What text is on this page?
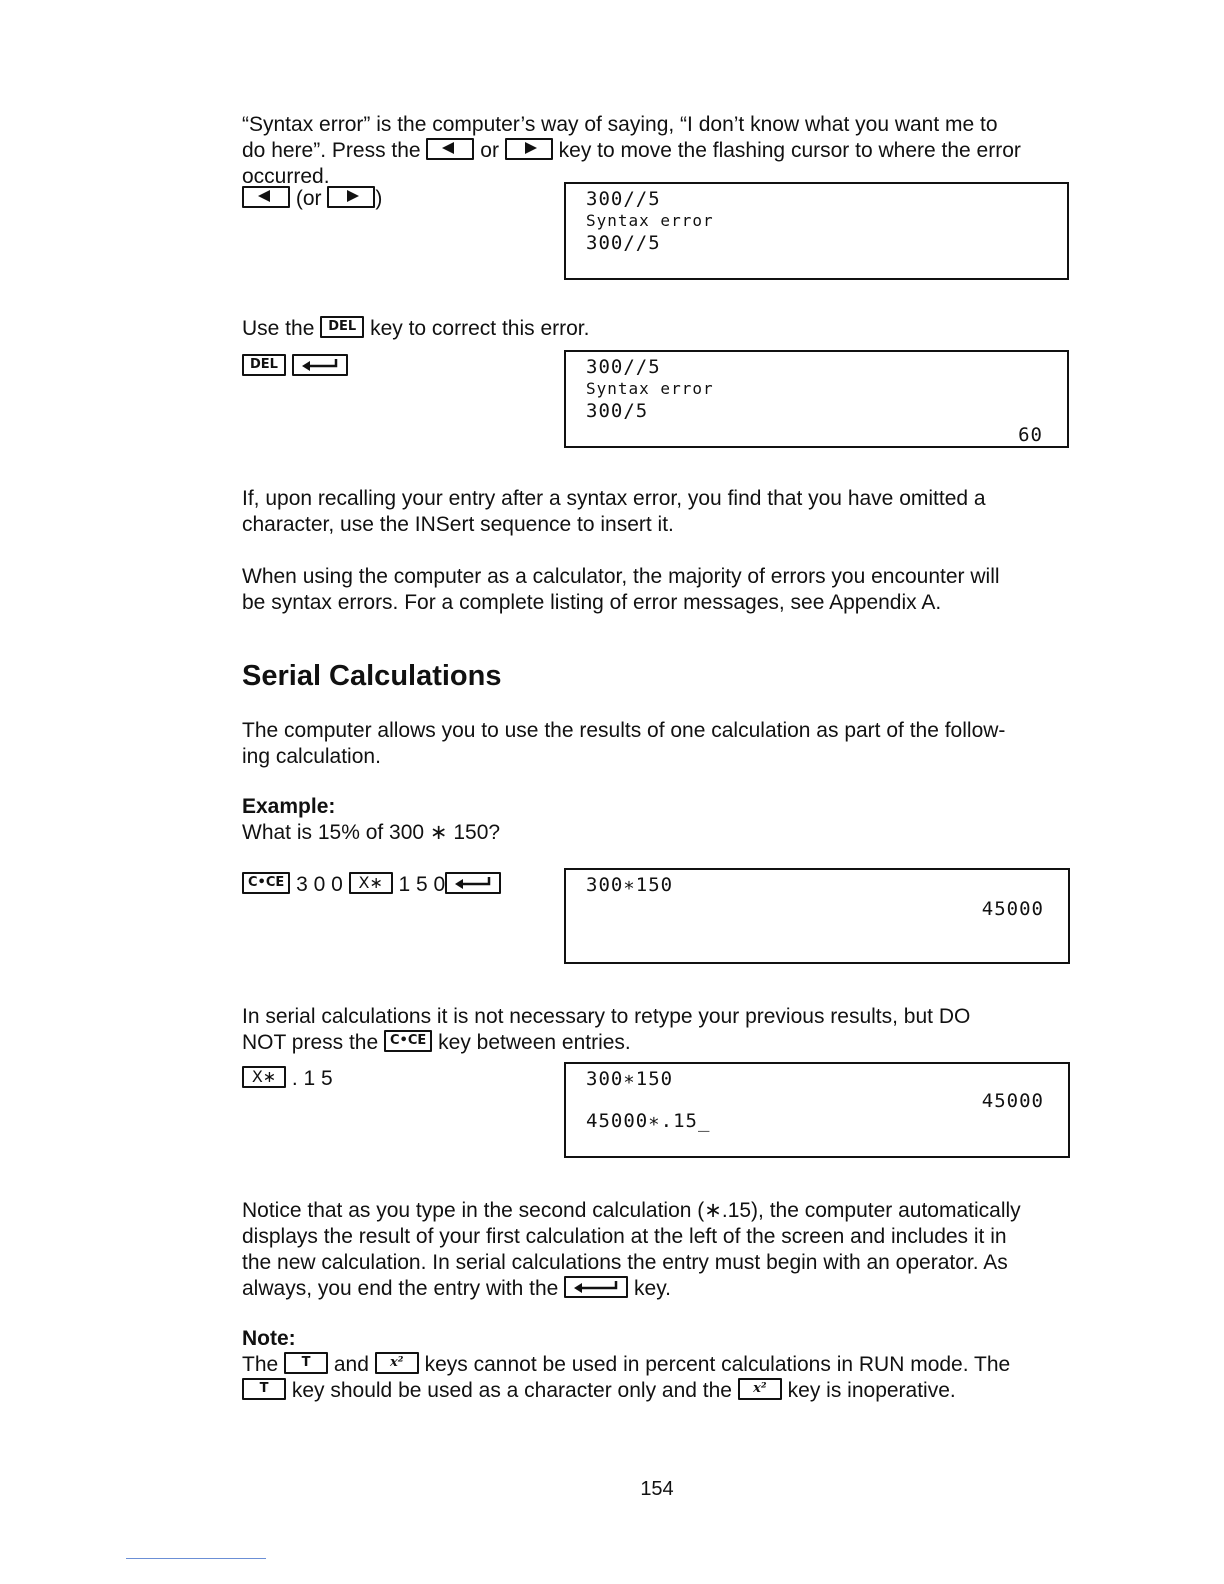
“Syntax error” is the computer’s way of saying, “I don’t know what you want me to
do here”. Press the	or	key to move the flashing cursor to where the error
occurred.
(or	)	300//5
Syntax error
300//5
Use the DEL key to correct this error.
DEL	300//5
Syntax error
300/5
60
If, upon recalling your entry after a syntax error, you find that you have omitted a
character, use the INSert sequence to insert it.
When using the computer as a calculator, the majority of errors you encounter will
be syntax errors. For a complete listing of error messages, see Appendix A.
Serial Calculations
The computer allows you to use the results of one calculation as part of the follow-
ing calculation.
Example:
What is 15% of 300 ∗ 150?
C•CE 3 0 0 X∗ 1 5 0	300∗150
45000
In serial calculations it is not necessary to retype your previous results, but DO
NOT press the C•CE key between entries.
X∗ . 1 5	300∗150
45000
45000∗.15_
Notice that as you type in the second calculation (∗.15), the computer automatically
displays the result of your first calculation at the left of the screen and includes it in
the new calculation. In serial calculations the entry must begin with an operator. As
always, you end the entry with the	key.
Note:
The T and x² keys cannot be used in percent calculations in RUN mode. The
T key should be used as a character only and the x² key is inoperative.
154
